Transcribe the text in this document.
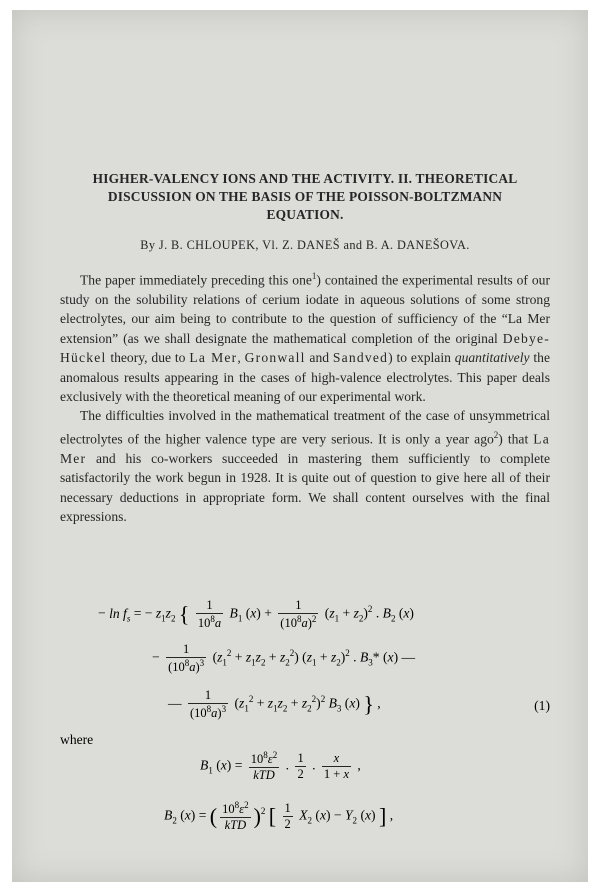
HIGHER-VALENCY IONS AND THE ACTIVITY. II. THEORETICAL
DISCUSSION ON THE BASIS OF THE POISSON-BOLTZMANN
EQUATION.
By J. B. CHLOUPEK, Vl. Z. DANEŠ and B. A. DANEŠOVA.

The paper immediately preceding this one$^1$) contained the experimental results of our study on the solubility relations of cerium iodate in aqueous solutions of some strong electrolytes, our aim being to contribute to the question of sufficiency of the “La Mer extension” (as we shall designate the mathematical completion of the original Debye-Hückel theory, due to La Mer, Gronwall and Sandved) to explain quantitatively the anomalous results appearing in the cases of high-valence electrolytes. This paper deals exclusively with the theoretical meaning of our experimental work.

The difficulties involved in the mathematical treatment of the case of unsymmetrical electrolytes of the higher valence type are very serious. It is only a year ago$^2$) that La Mer and his co-workers succeeded in mastering them sufficiently to complete satisfactorily the work begun in 1928. It is quite out of question to give here all of their necessary deductions in appropriate form. We shall content ourselves with the final expressions.

− $\ln f_s$ = − $z_1z_2$ { $\frac{1}{10^8a} B_1$ $(x) + \frac{1}{(10^8a)^2} (z_1 + z_2)^2$ . $B_2$ (x)
− $\frac{1}{(10^8a)^3} (z_1^2 + z_1z_2 + z_2^2) (z_1 + z_2)^2$ . $B_3*$ (x) —
— $\frac{1}{(10^8a)^3} (z_1^2 + z_1z_2 + z_2^2)^2$ $B_3$ (x) } ,	(1)
where
$B_1$ $(x) = \frac{10^8\varepsilon^2}{\text{kTD}}$ . $\frac{1}{2}$ . $\frac{x}{1 + x}$ ,
$B_2$ (x) = ( $\frac{10^8\varepsilon^2}{\text{kTD}} )^2$ [ $\frac{1}{2} X_2$ $(x) - Y_2$ (x) ] ,
